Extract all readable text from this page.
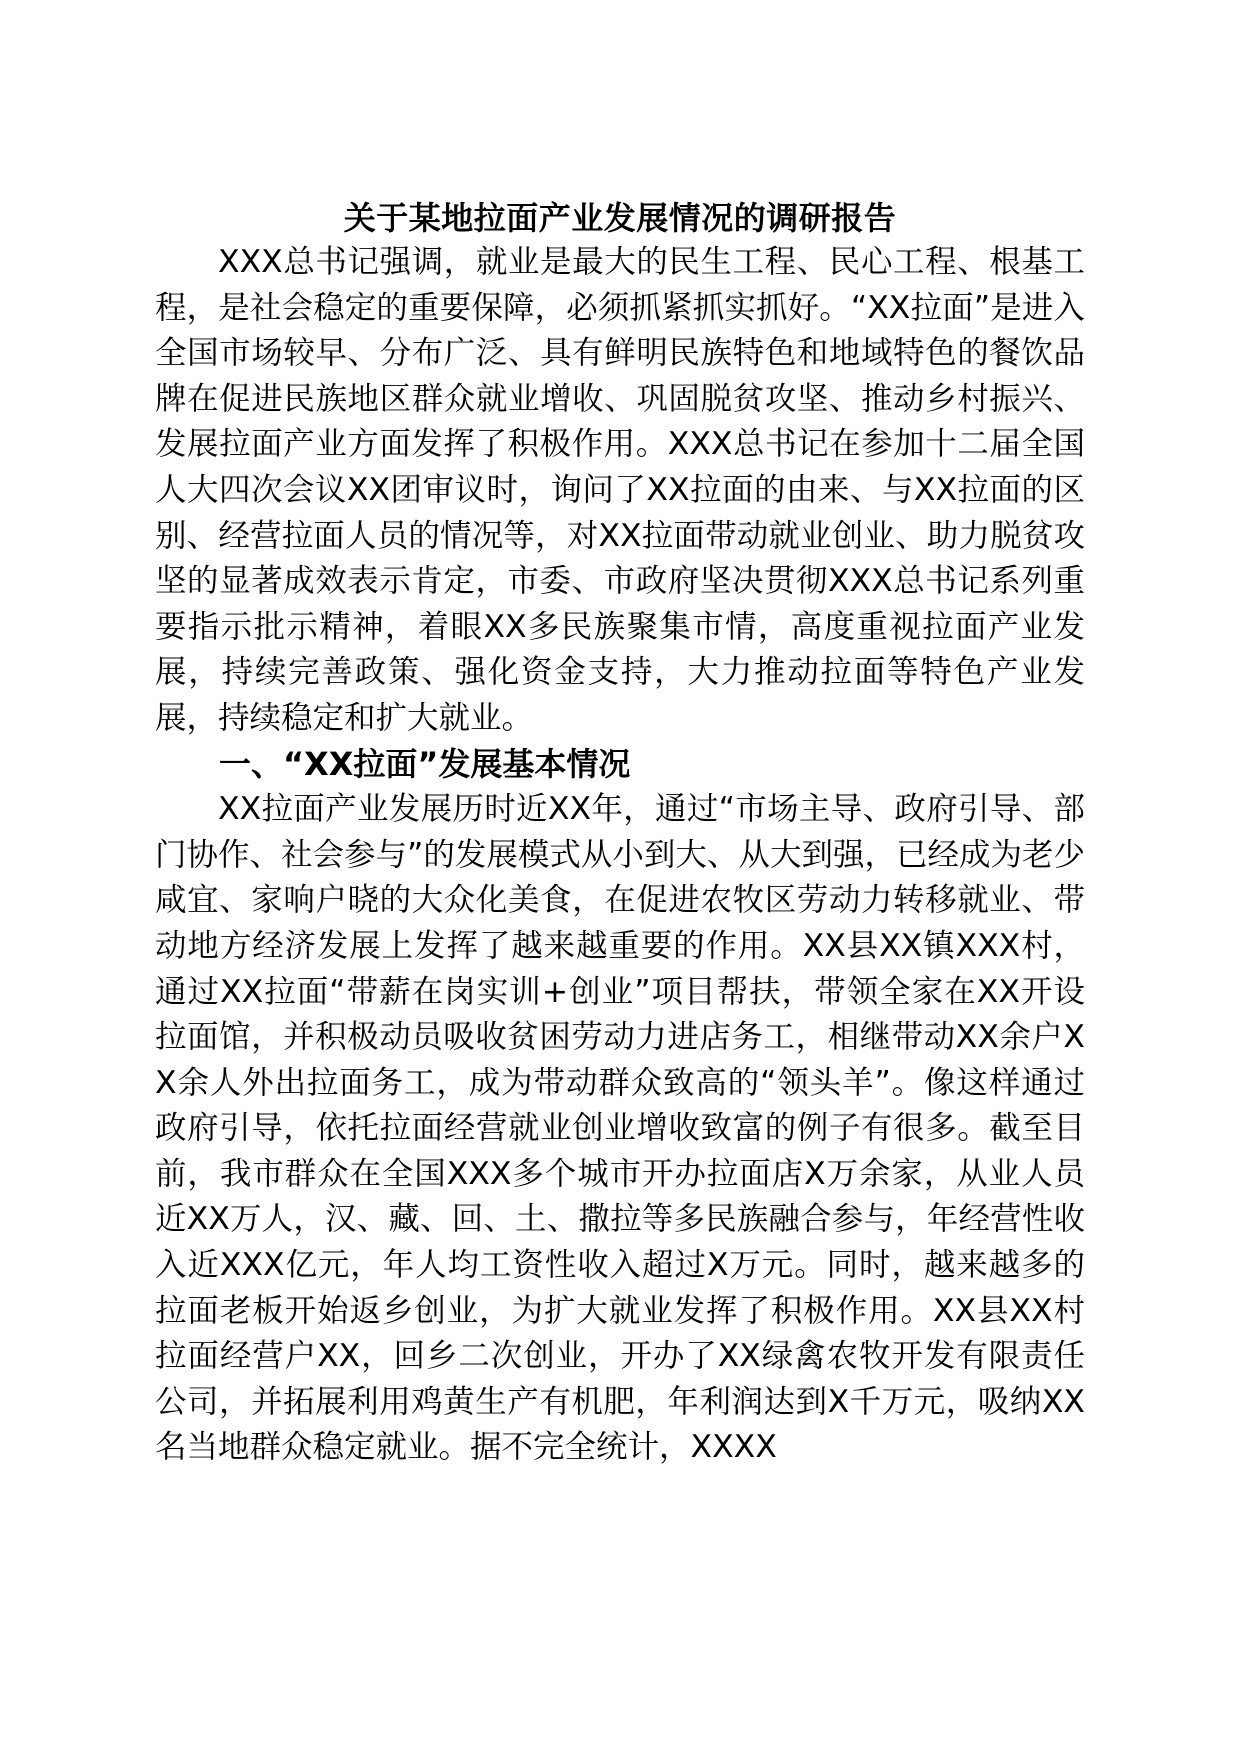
关于某地拉面产业发展情况的调研报告

XXX总书记强调，就业是最大的民生工程、民心工程、根基工程，是社会稳定的重要保障，必须抓紧抓实抓好。“XX拉面”是进入全国市场较早、分布广泛、具有鲜明民族特色和地域特色的餐饮品牌在促进民族地区群众就业增收、巩固脱贫攻坚、推动乡村振兴、发展拉面产业方面发挥了积极作用。XXX总书记在参加十二届全国人大四次会议XX团审议时，询问了XX拉面的由来、与XX拉面的区别、经营拉面人员的情况等，对XX拉面带动就业创业、助力脱贫攻坚的显著成效表示肯定，市委、市政府坚决贯彻XXX总书记系列重要指示批示精神，着眼XX多民族聚集市情，高度重视拉面产业发展，持续完善政策、强化资金支持，大力推动拉面等特色产业发展，持续稳定和扩大就业。

一、“XX拉面”发展基本情况

XX拉面产业发展历时近XX年，通过“市场主导、政府引导、部门协作、社会参与”的发展模式从小到大、从大到强，已经成为老少咸宜、家响户晓的大众化美食，在促进农牧区劳动力转移就业、带动地方经济发展上发挥了越来越重要的作用。XX县XX镇XXX村，通过XX拉面“带薪在岗实训+创业”项目帮扶，带领全家在XX开设拉面馆，并积极动员吸收贫困劳动力进店务工，相继带动XX余户XX余人外出拉面务工，成为带动群众致高的“领头羊”。像这样通过政府引导，依托拉面经营就业创业增收致富的例子有很多。截至目前，我市群众在全国XXX多个城市开办拉面店X万余家，从业人员近XX万人，汉、藏、回、土、撒拉等多民族融合参与，年经营性收入近XXX亿元，年人均工资性收入超过X万元。同时，越来越多的拉面老板开始返乡创业，为扩大就业发挥了积极作用。XX县XX村拉面经营户XX，回乡二次创业，开办了XX绿禽农牧开发有限责任公司，并拓展利用鸡黄生产有机肥，年利润达到X千万元，吸纳XX名当地群众稳定就业。据不完全统计，XXXX
